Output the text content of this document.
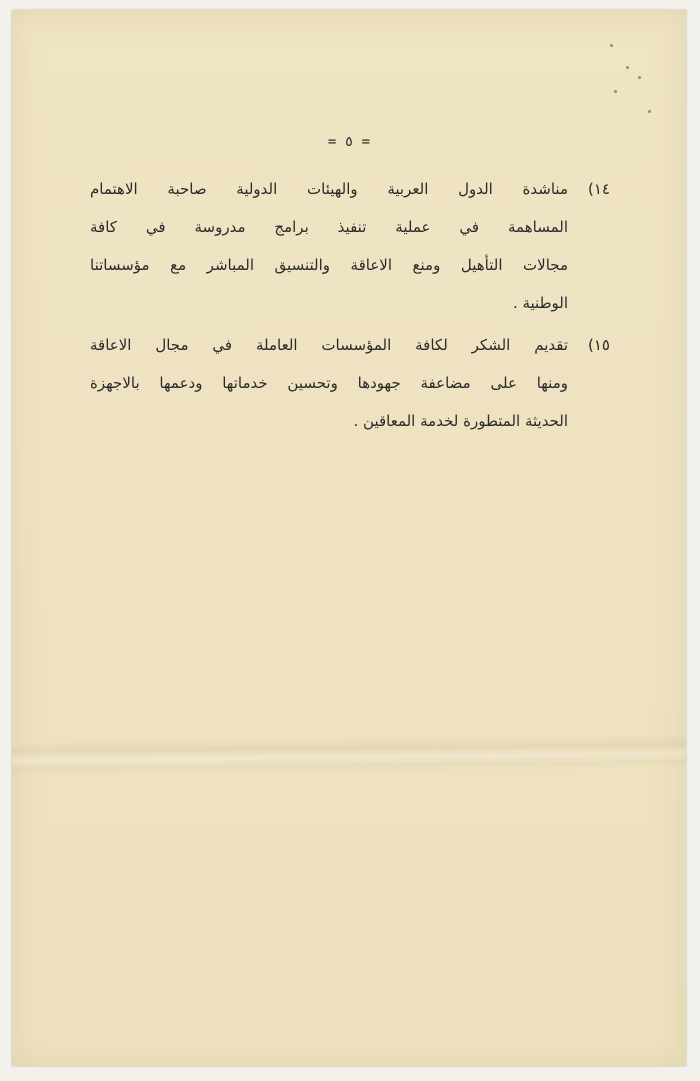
= ٥ =
١٤)

مناشدة الدول العربية والهيئات الدولية صاحبة الاهتمام

المساهمة في عملية تنفيذ برامج مدروسة في كافة

مجالات التأهيل ومنع الاعاقة والتنسيق المباشر مع مؤسساتنا

الوطنية .

١٥)

تقديم الشكر لكافة المؤسسات العاملة في مجال الاعاقة

ومنها على مضاعفة جهودها وتحسين خدماتها ودعمها بالاجهزة

الحديثة المتطورة لخدمة المعاقين .
